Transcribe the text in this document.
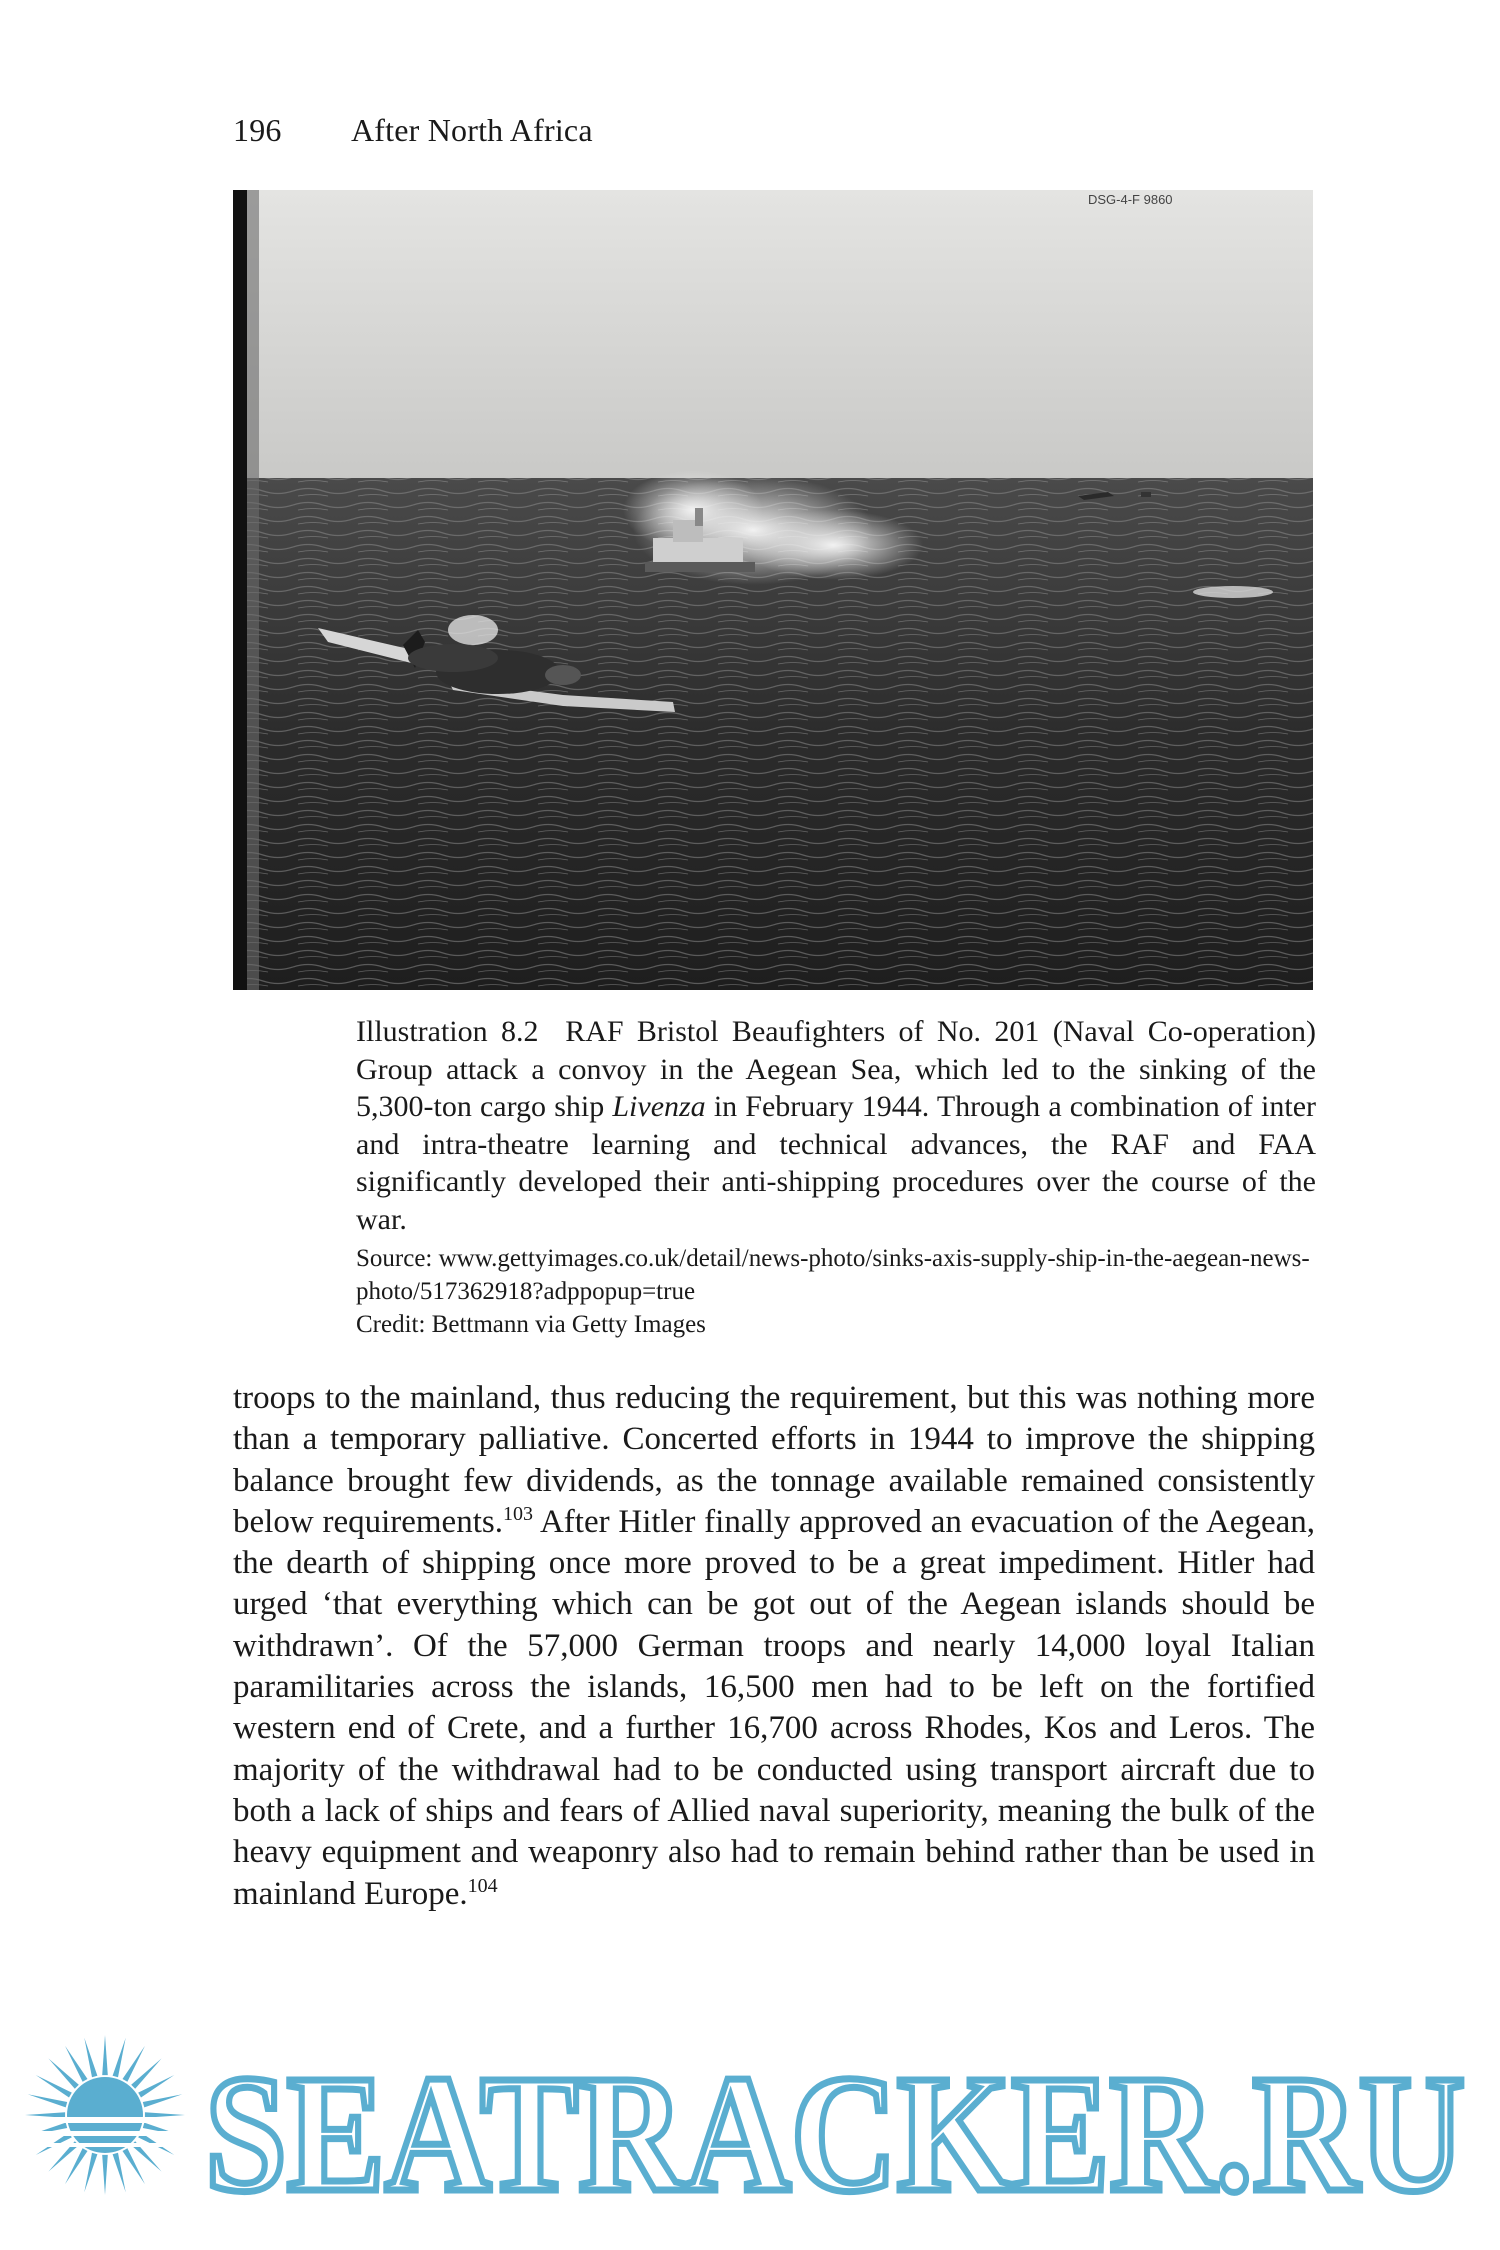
196 After North Africa
DSG-4-F 9860
Illustration 8.2 RAF Bristol Beaufighters of No. 201 (Naval Co-operation) Group attack a convoy in the Aegean Sea, which led to the sinking of the 5,300-ton cargo ship Livenza in February 1944. Through a combination of inter and intra-theatre learning and technical advances, the RAF and FAA significantly developed their anti-shipping procedures over the course of the war.
Source: www.gettyimages.co.uk/detail/news-photo/sinks-axis-supply-ship-in-the-aegean-news-photo/517362918?adppopup=true
Credit: Bettmann via Getty Images
troops to the mainland, thus reducing the requirement, but this was nothing more than a temporary palliative. Concerted efforts in 1944 to improve the shipping balance brought few dividends, as the tonnage available remained consistently below requirements.$^{103}$ After Hitler finally approved an evacuation of the Aegean, the dearth of shipping once more proved to be a great impediment. Hitler had urged ‘that everything which can be got out of the Aegean islands should be withdrawn’. Of the 57,000 German troops and nearly 14,000 loyal Italian paramilitaries across the islands, 16,500 men had to be left on the fortified western end of Crete, and a further 16,700 across Rhodes, Kos and Leros. The majority of the withdrawal had to be conducted using transport aircraft due to both a lack of ships and fears of Allied naval superiority, meaning the bulk of the heavy equipment and weaponry also had to remain behind rather than be used in mainland Europe.$^{104}$
SEATRACKER.RU
